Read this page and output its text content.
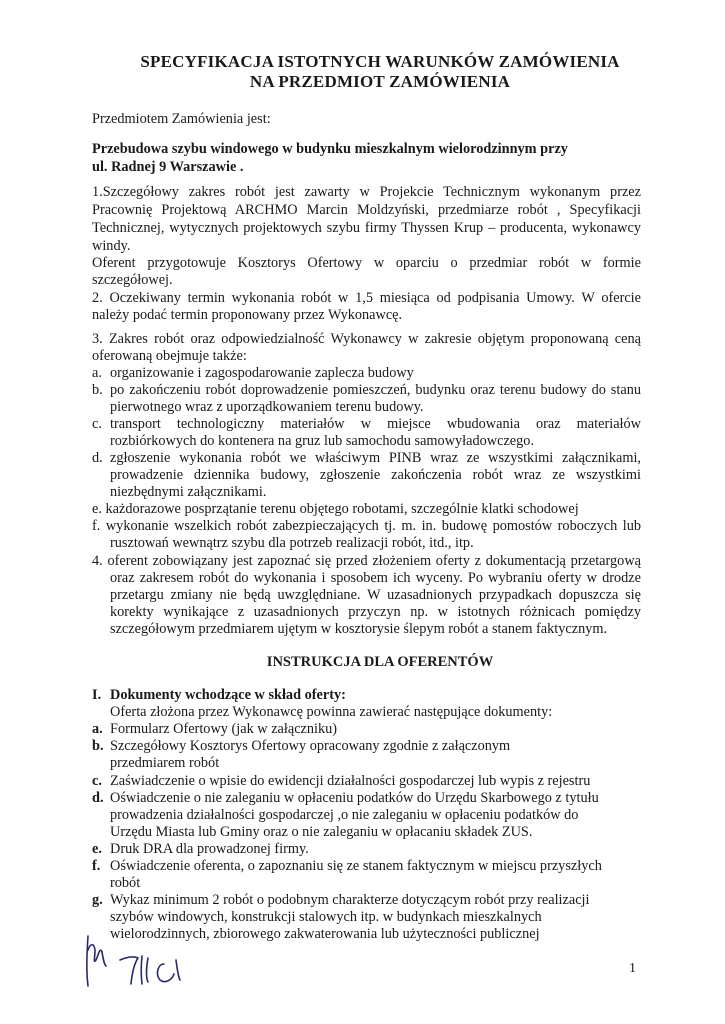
SPECYFIKACJA ISTOTNYCH WARUNKÓW ZAMÓWIENIA
NA PRZEDMIOT ZAMÓWIENIA

Przedmiotem Zamówienia jest:

Przebudowa szybu windowego w budynku mieszkalnym wielorodzinnym przy

ul. Radnej 9 Warszawie .

1.Szczegółowy zakres robót jest zawarty w Projekcie Technicznym wykonanym przez

Pracownię Projektową ARCHMO Marcin Moldzyński, przedmiarze robót , Specyfikacji

Technicznej, wytycznych projektowych szybu firmy Thyssen Krup – producenta, wykonawcy

windy.

Oferent przygotowuje Kosztorys Ofertowy w oparciu o przedmiar robót w formie

szczegółowej.

2. Oczekiwany termin wykonania robót w 1,5 miesiąca od podpisania Umowy. W ofercie

należy podać termin proponowany przez Wykonawcę.

3. Zakres robót oraz odpowiedzialność Wykonawcy w zakresie objętym proponowaną ceną

oferowaną obejmuje także:

a. organizowanie i zagospodarowanie zaplecza budowy

b. po zakończeniu robót doprowadzenie pomieszczeń, budynku oraz terenu budowy do stanu

pierwotnego wraz z uporządkowaniem terenu budowy.

c. transport technologiczny materiałów w miejsce wbudowania oraz materiałów

rozbiórkowych do kontenera na gruz lub samochodu samowyładowczego.

d. zgłoszenie wykonania robót we właściwym PINB wraz ze wszystkimi załącznikami,

prowadzenie dziennika budowy, zgłoszenie zakończenia robót wraz ze wszystkimi

niezbędnymi załącznikami.

e. każdorazowe posprzątanie terenu objętego robotami, szczególnie klatki schodowej

f. wykonanie wszelkich robót zabezpieczających tj. m. in. budowę pomostów roboczych lub

rusztowań wewnątrz szybu dla potrzeb realizacji robót, itd., itp.

4. oferent zobowiązany jest zapoznać się przed złożeniem oferty z dokumentacją przetargową

oraz zakresem robót do wykonania i sposobem ich wyceny. Po wybraniu oferty w drodze

przetargu zmiany nie będą uwzględniane. W uzasadnionych przypadkach dopuszcza się

korekty wynikające z uzasadnionych przyczyn np. w istotnych różnicach pomiędzy

szczegółowym przedmiarem ujętym w kosztorysie ślepym robót a stanem faktycznym.

INSTRUKCJA DLA OFERENTÓW
I. Dokumenty wchodzące w skład oferty:

Oferta złożona przez Wykonawcę powinna zawierać następujące dokumenty:

a. Formularz Ofertowy (jak w załączniku)

b. Szczegółowy Kosztorys Ofertowy opracowany zgodnie z załączonym

przedmiarem robót

c. Zaświadczenie o wpisie do ewidencji działalności gospodarczej lub wypis z rejestru

d. Oświadczenie o nie zaleganiu w opłaceniu podatków do Urzędu Skarbowego z tytułu

prowadzenia działalności gospodarczej ,o nie zaleganiu w opłaceniu podatków do

Urzędu Miasta lub Gminy oraz o nie zaleganiu w opłacaniu składek ZUS.

e. Druk DRA dla prowadzonej firmy.

f. Oświadczenie oferenta, o zapoznaniu się ze stanem faktycznym w miejscu przyszłych

robót

g. Wykaz minimum 2 robót o podobnym charakterze dotyczącym robót przy realizacji

szybów windowych, konstrukcji stalowych itp. w budynkach mieszkalnych

wielorodzinnych, zbiorowego zakwaterowania lub użyteczności publicznej

1
